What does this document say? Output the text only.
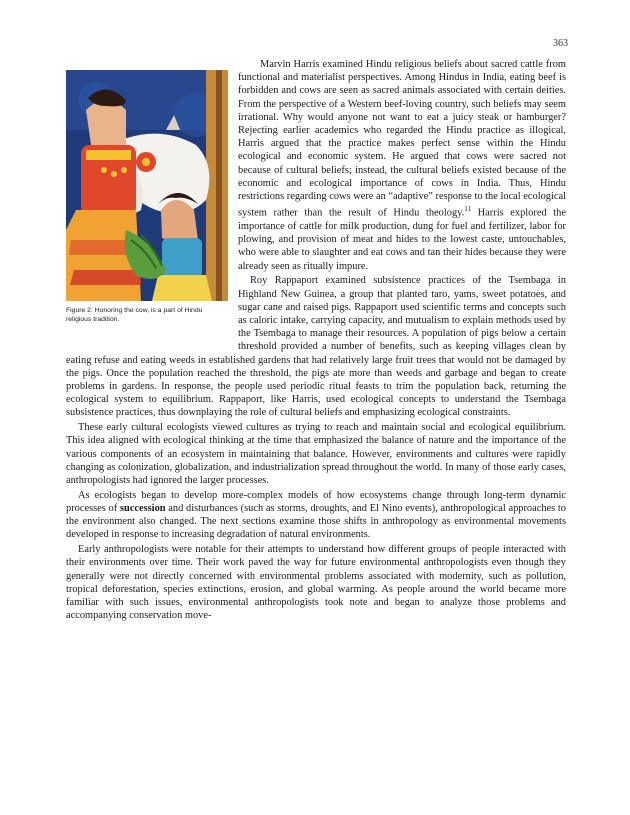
363

Marvin Harris examined Hindu religious beliefs about sacred cattle from functional and materialist perspectives. Among Hindus in India, eating beef is forbidden and cows are seen as sacred animals associated with certain deities. From the perspective of a Western beef-loving country, such beliefs may seem irrational. Why would anyone not want to eat a juicy steak or hamburger? Rejecting earlier academics who regarded the Hindu practice as illogical, Harris argued that the practice makes perfect sense within the Hindu ecological and economic system. He argued that cows were sacred not because of cultural beliefs; instead, the cultural beliefs existed because of the economic and ecological importance of cows in India. Thus, Hindu restrictions regarding cows were an “adaptive” response to the local ecological system rather than the result of Hindu theology.$^{11}$ Harris explored the importance of cattle for milk production, dung for fuel and fertilizer, labor for plowing, and provision of meat and hides to the lowest caste, untouchables, who were able to slaughter and eat cows and tan their hides because they were already seen as ritually impure.

Roy Rappaport examined subsistence practices of the Tsembaga in Highland New Guinea, a group that planted taro, yams, sweet potatoes, and sugar cane and raised pigs. Rappaport used scientific terms and concepts such as caloric intake, carrying capacity, and mutualism to explain methods used by the Tsembaga to manage their resources. A population of pigs below a certain threshold provided a number of benefits, such as keeping villages clean by eating refuse and eating weeds in established gardens that had relatively large fruit trees that would not be damaged by the pigs. Once the population reached the threshold, the pigs ate more than weeds and garbage and began to create problems in gardens. In response, the people used periodic ritual feasts to trim the population back, returning the ecological system to equilibrium. Rappaport, like Harris, used ecological concepts to understand the Tsembaga subsistence practices, thus downplaying the role of cultural beliefs and emphasizing ecological constraints.

These early cultural ecologists viewed cultures as trying to reach and maintain social and ecological equilibrium. This idea aligned with ecological thinking at the time that emphasized the balance of nature and the importance of the various components of an ecosystem in maintaining that balance. However, environments and cultures were rapidly changing as colonization, globalization, and industrialization spread throughout the world. In many of those early cases, anthropologists had ignored the larger processes.

As ecologists began to develop more-complex models of how ecosystems change through long-term dynamic processes of succession and disturbances (such as storms, droughts, and El Nino events), anthropological approaches to the environment also changed. The next sections examine those shifts in anthropology as environmental movements developed in response to increasing degradation of natural environments.

Early anthropologists were notable for their attempts to understand how different groups of people interacted with their environments over time. Their work paved the way for future environmental anthropologists even though they generally were not directly concerned with environmental problems associated with modernity, such as pollution, tropical deforestation, species extinctions, erosion, and global warming. As people around the world became more familiar with such issues, environmental anthropologists took note and began to analyze those problems and accompanying conservation move-

Figure 2: Honoring the cow, is a part of Hindu religious tradition.
